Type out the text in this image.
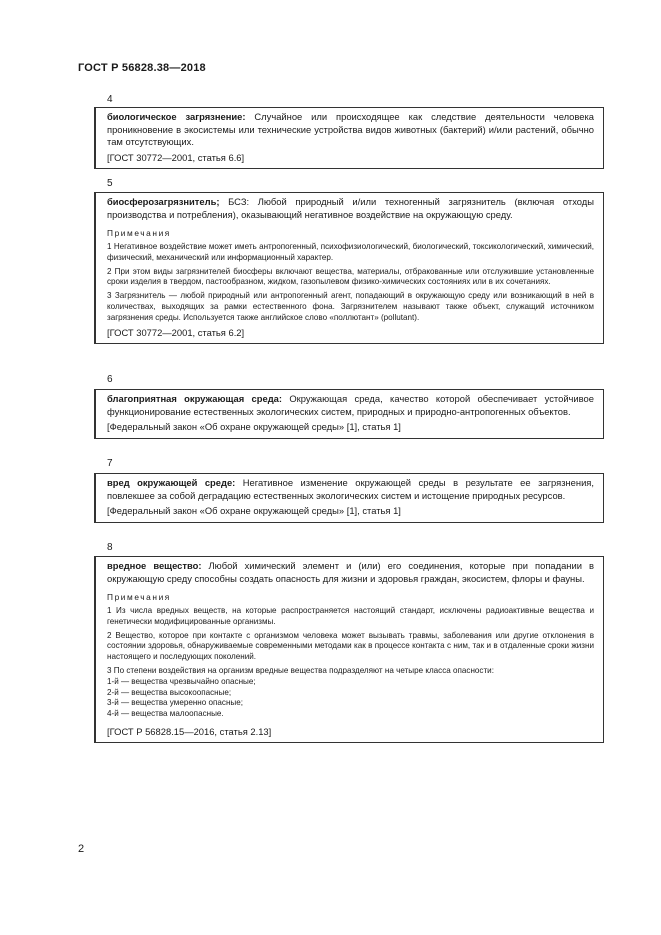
ГОСТ Р 56828.38—2018
4

биологическое загрязнение: Случайное или происходящее как следствие деятельности человека проникновение в экосистемы или технические устройства видов животных (бактерий) и/или растений, обычно там отсутствующих.

[ГОСТ 30772—2001, статья 6.6]

5

биосферозагрязнитель; БСЗ: Любой природный и/или техногенный загрязнитель (включая отходы производства и потребления), оказывающий негативное воздействие на окружающую среду.

Примечания

1 Негативное воздействие может иметь антропогенный, психофизиологический, биологический, токсикологический, химический, физический, механический или информационный характер.

2 При этом виды загрязнителей биосферы включают вещества, материалы, отбракованные или отслужившие установленные сроки изделия в твердом, пастообразном, жидком, газопылевом физико-химических состояниях или в их сочетаниях.

3 Загрязнитель — любой природный или антропогенный агент, попадающий в окружающую среду или возникающий в ней в количествах, выходящих за рамки естественного фона. Загрязнителем называют также объект, служащий источником загрязнения среды. Используется также английское слово «поллютант» (pollutant).

[ГОСТ 30772—2001, статья 6.2]

6

благоприятная окружающая среда: Окружающая среда, качество которой обеспечивает устойчивое функционирование естественных экологических систем, природных и природно-антропогенных объектов.

[Федеральный закон «Об охране окружающей среды» [1], статья 1]

7

вред окружающей среде: Негативное изменение окружающей среды в результате ее загрязнения, повлекшее за собой деградацию естественных экологических систем и истощение природных ресурсов.

[Федеральный закон «Об охране окружающей среды» [1], статья 1]

8

вредное вещество: Любой химический элемент и (или) его соединения, которые при попадании в окружающую среду способны создать опасность для жизни и здоровья граждан, экосистем, флоры и фауны.

Примечания

1 Из числа вредных веществ, на которые распространяется настоящий стандарт, исключены радиоактивные вещества и генетически модифицированные организмы.

2 Вещество, которое при контакте с организмом человека может вызывать травмы, заболевания или другие отклонения в состоянии здоровья, обнаруживаемые современными методами как в процессе контакта с ним, так и в отдаленные сроки жизни настоящего и последующих поколений.

3 По степени воздействия на организм вредные вещества подразделяют на четыре класса опасности:

1-й — вещества чрезвычайно опасные;

2-й — вещества высокоопасные;

3-й — вещества умеренно опасные;

4-й — вещества малоопасные.

[ГОСТ Р 56828.15—2016, статья 2.13]

2
